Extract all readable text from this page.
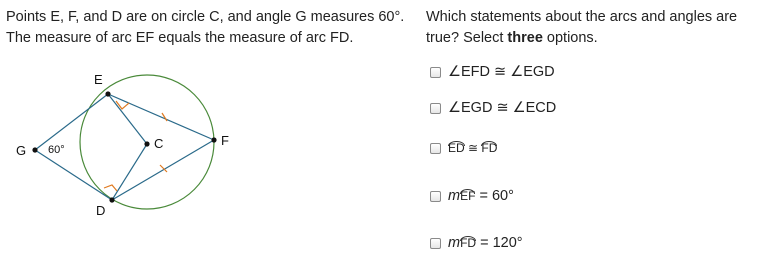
Points E, F, and D are on circle C, and angle G measures 60°. The measure of arc EF equals the measure of arc FD.
Which statements about the arcs and angles are true? Select three options.
E
F
G
D
C
60°
∠EFD ≅ ∠EGD
∠EGD ≅ ∠ECD
ED ≅ FD
m EF = 60°
m FD = 120°
